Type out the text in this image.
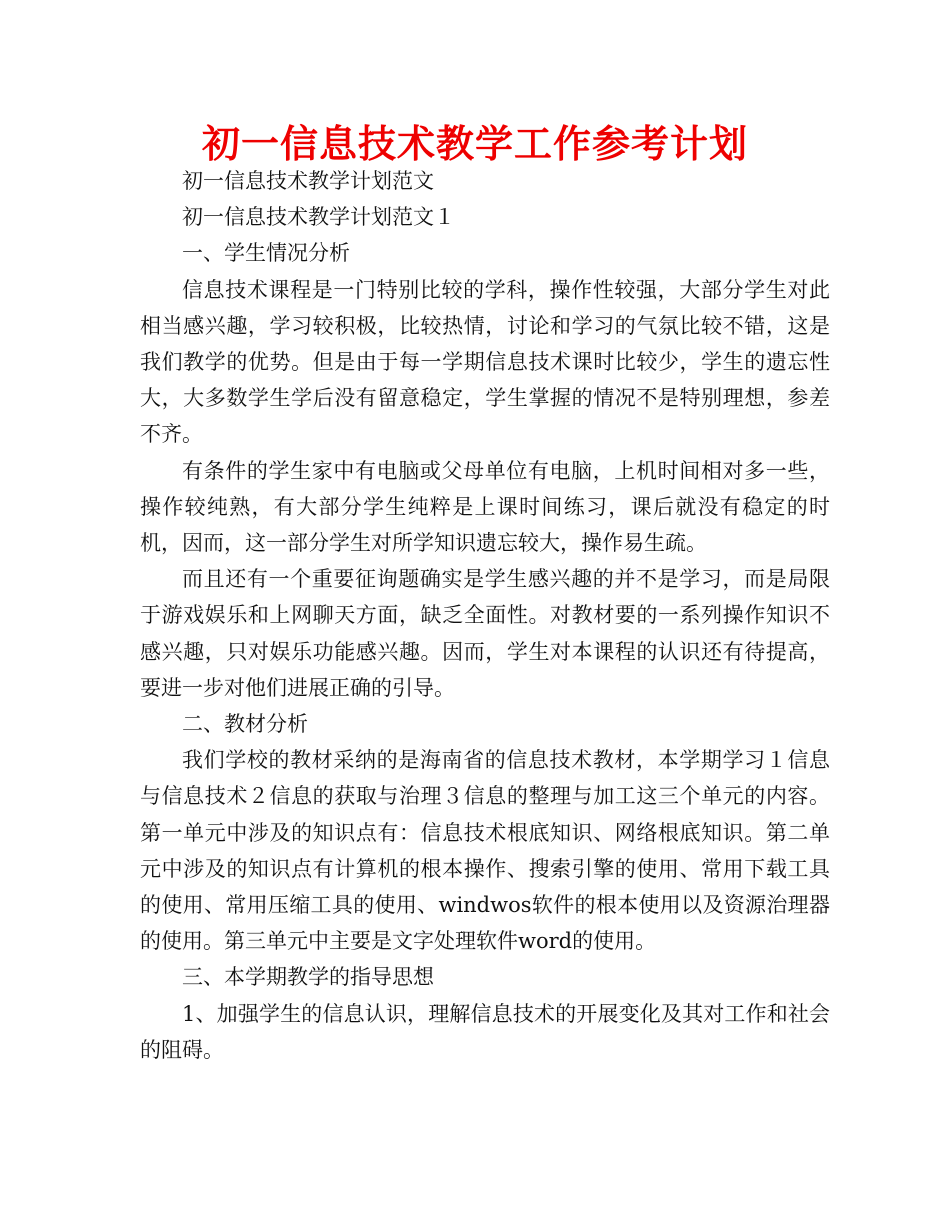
初一信息技术教学工作参考计划

初一信息技术教学计划范文

初一信息技术教学计划范文１

一、学生情况分析

信息技术课程是一门特别比较的学科，操作性较强，大部分学生对此相当感兴趣，学习较积极，比较热情，讨论和学习的气氛比较不错，这是我们教学的优势。但是由于每一学期信息技术课时比较少，学生的遗忘性大，大多数学生学后没有留意稳定，学生掌握的情况不是特别理想，参差不齐。

有条件的学生家中有电脑或父母单位有电脑，上机时间相对多一些，操作较纯熟，有大部分学生纯粹是上课时间练习，课后就没有稳定的时机，因而，这一部分学生对所学知识遗忘较大，操作易生疏。

而且还有一个重要征询题确实是学生感兴趣的并不是学习，而是局限于游戏娱乐和上网聊天方面，缺乏全面性。对教材要的一系列操作知识不感兴趣，只对娱乐功能感兴趣。因而，学生对本课程的认识还有待提高，要进一步对他们进展正确的引导。

二、教材分析

我们学校的教材采纳的是海南省的信息技术教材，本学期学习１信息与信息技术２信息的获取与治理３信息的整理与加工这三个单元的内容。第一单元中涉及的知识点有：信息技术根底知识、网络根底知识。第二单元中涉及的知识点有计算机的根本操作、搜索引擎的使用、常用下载工具的使用、常用压缩工具的使用、windwos软件的根本使用以及资源治理器的使用。第三单元中主要是文字处理软件word的使用。

三、本学期教学的指导思想

1、加强学生的信息认识，理解信息技术的开展变化及其对工作和社会的阻碍。
